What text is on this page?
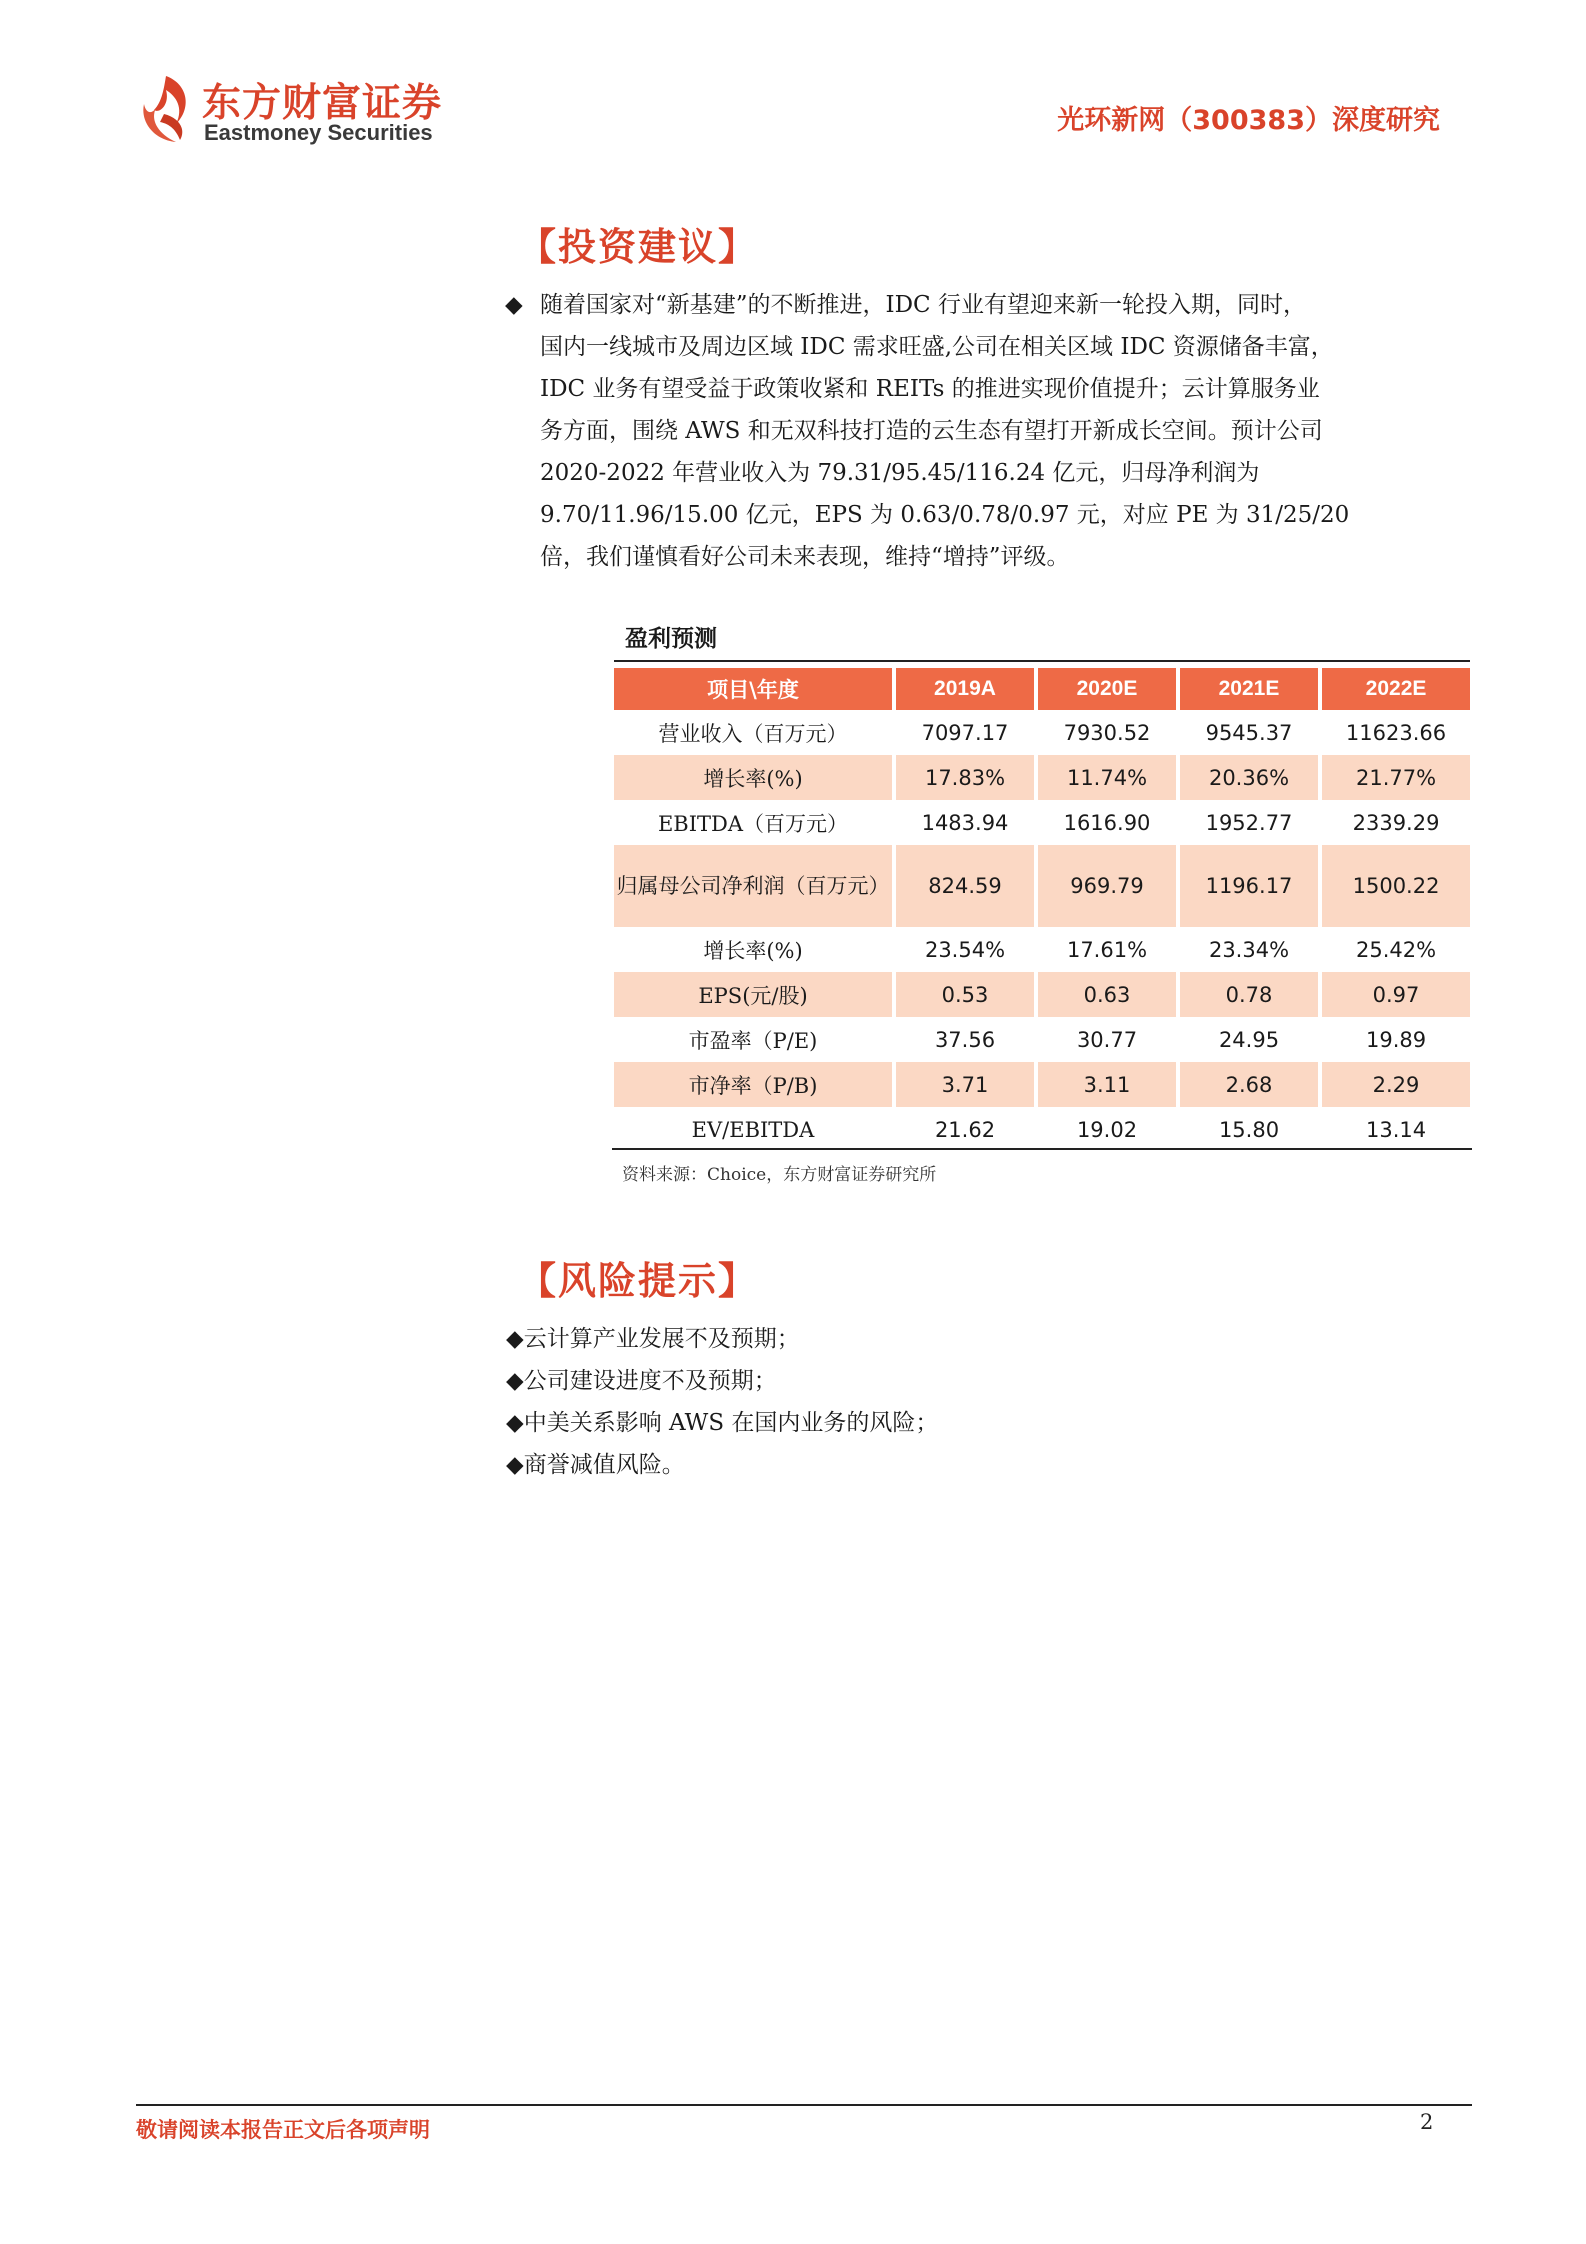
东方财富证券
Eastmoney Securities	光环新网（300383）深度研究
【投资建议】
◆ 随着国家对“新基建”的不断推进，IDC 行业有望迎来新一轮投入期，同时，
国内一线城市及周边区域 IDC 需求旺盛,公司在相关区域 IDC 资源储备丰富，
IDC 业务有望受益于政策收紧和 REITs 的推进实现价值提升；云计算服务业
务方面，围绕 AWS 和无双科技打造的云生态有望打开新成长空间。预计公司
2020-2022 年营业收入为 79.31/95.45/116.24 亿元，归母净利润为
9.70/11.96/15.00 亿元，EPS 为 0.63/0.78/0.97 元，对应 PE 为 31/25/20
倍，我们谨慎看好公司未来表现，维持“增持”评级。
盈利预测

项目\年度	2019A	2020E	2021E	2022E
营业收入（百万元）	7097.17	7930.52	9545.37	11623.66
增长率(%)	17.83%	11.74%	20.36%	21.77%
EBITDA（百万元）	1483.94	1616.90	1952.77	2339.29
归属母公司净利润（百万元）	824.59	969.79	1196.17	1500.22
增长率(%)	23.54%	17.61%	23.34%	25.42%
EPS(元/股)	0.53	0.63	0.78	0.97
市盈率（P/E)	37.56	30.77	24.95	19.89
市净率（P/B)	3.71	3.11	2.68	2.29
EV/EBITDA	21.62	19.02	15.80	13.14
资料来源：Choice，东方财富证券研究所
【风险提示】
◆云计算产业发展不及预期；
◆公司建设进度不及预期；
◆中美关系影响 AWS 在国内业务的风险；
◆商誉减值风险。
敬请阅读本报告正文后各项声明	2
